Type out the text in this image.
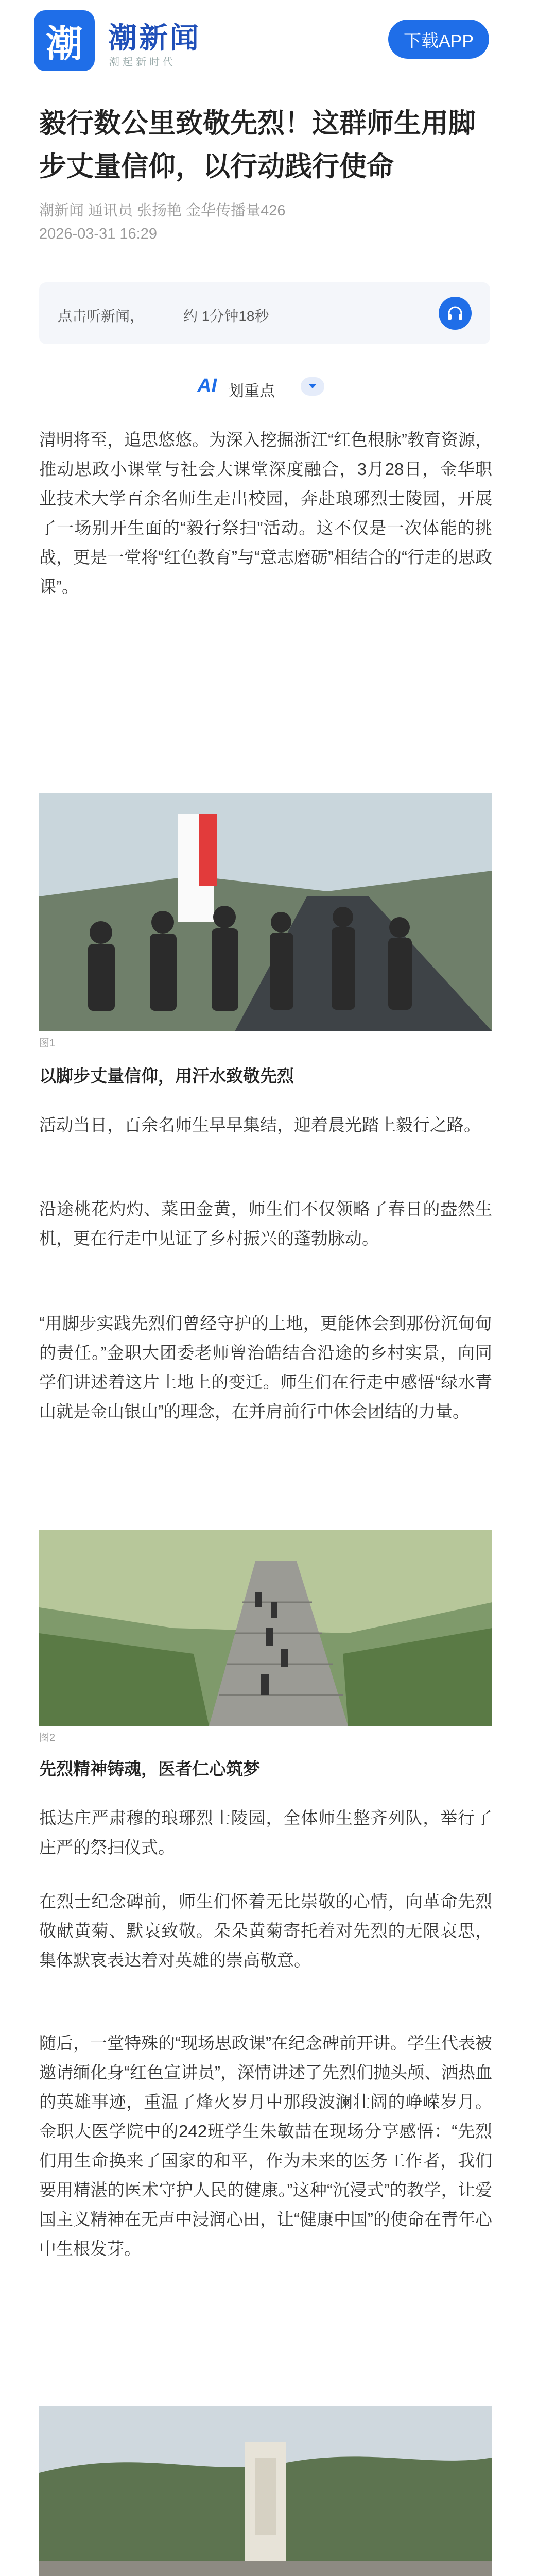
潮 潮新闻
潮起新时代
下载APP
毅行数公里致敬先烈！这群师生用脚步丈量信仰，以行动践行使命
潮新闻 通讯员 张扬艳 金华传播量426
2026-03-31 16:29
点击听新闻，	约 1分钟18秒
AI 划重点
清明将至，追思悠悠。为深入挖掘浙江“红色根脉”教育资源，推动思政小课堂与社会大课堂深度融合，3月28日，金华职业技术大学百余名师生走出校园，奔赴琅琊烈士陵园，开展了一场别开生面的“毅行祭扫”活动。这不仅是一次体能的挑战，更是一堂将“红色教育”与“意志磨砺”相结合的“行走的思政课”。
图1
以脚步丈量信仰，用汗水致敬先烈
活动当日，百余名师生早早集结，迎着晨光踏上毅行之路。
沿途桃花灼灼、菜田金黄，师生们不仅领略了春日的盎然生机，更在行走中见证了乡村振兴的蓬勃脉动。
“用脚步实践先烈们曾经守护的土地，更能体会到那份沉甸甸的责任。”金职大团委老师曾治皓结合沿途的乡村实景，向同学们讲述着这片土地上的变迁。师生们在行走中感悟“绿水青山就是金山银山”的理念，在并肩前行中体会团结的力量。
图2
先烈精神铸魂，医者仁心筑梦
抵达庄严肃穆的琅琊烈士陵园，全体师生整齐列队，举行了庄严的祭扫仪式。
在烈士纪念碑前，师生们怀着无比崇敬的心情，向革命先烈敬献黄菊、默哀致敬。朵朵黄菊寄托着对先烈的无限哀思，集体默哀表达着对英雄的崇高敬意。
随后，一堂特殊的“现场思政课”在纪念碑前开讲。学生代表被邀请缅化身“红色宣讲员”，深情讲述了先烈们抛头颅、洒热血的英雄事迹，重温了烽火岁月中那段波澜壮阔的峥嵘岁月。金职大医学院中的242班学生朱敏喆在现场分享感悟：“先烈们用生命换来了国家的和平，作为未来的医务工作者，我们要用精湛的医术守护人民的健康。”这种“沉浸式”的教学，让爱国主义精神在无声中浸润心田，让“健康中国”的使命在青年心中生根发芽。
